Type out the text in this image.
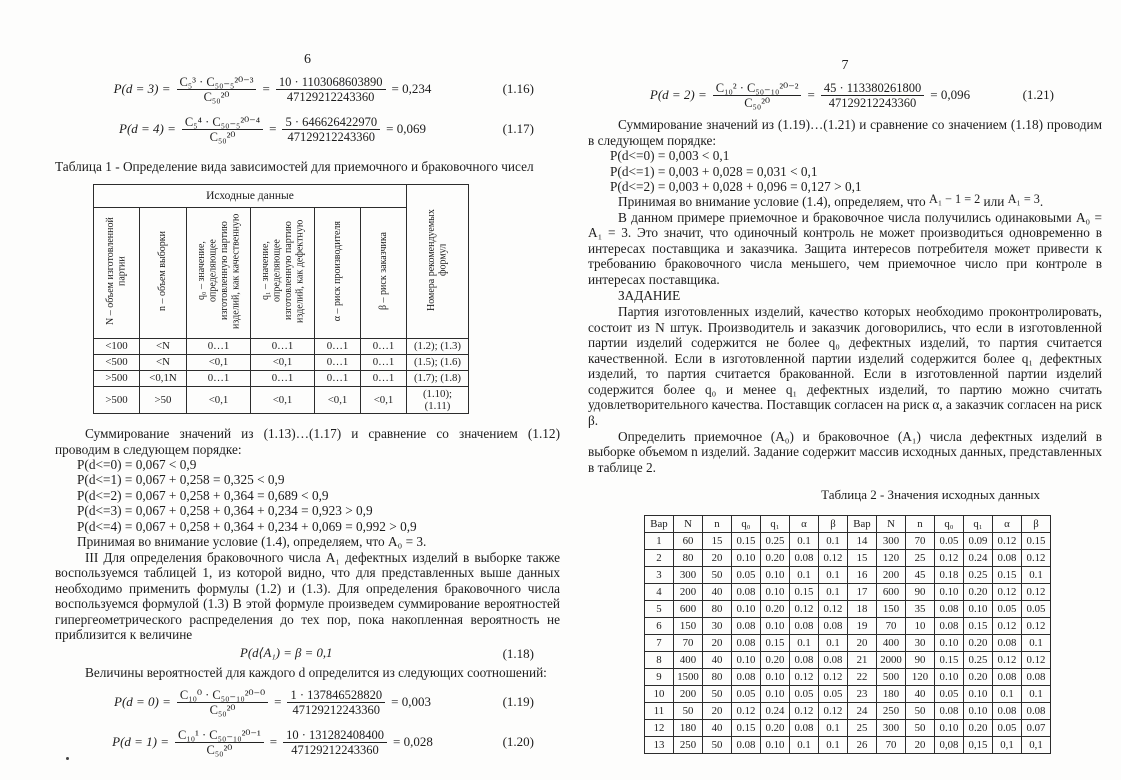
6
$P(d = 3) = \frac{\text{C₅³ · C₅₀₋₅²⁰⁻³}}{\text{C₅₀²⁰}} = \frac{10 \cdot 1103068603890}{47129212243360} = 0,234$	(1.16)
$P(d = 4) = \frac{\text{C₅⁴ · C₅₀₋₅²⁰⁻⁴}}{\text{C₅₀²⁰}} = \frac{5 \cdot 646626422970}{47129212243360} = 0,069$	(1.17)
Таблица 1 - Определение вида зависимостей для приемочного и браковочного чисел
Исходные данные						Номера рекомендуемых формул
N – объем изготовленной партии	n – объем выборки	q₀ – значение, определяющее изготовленную партию изделий, как качественную	q₁ – значение, определяющее изготовленную партию изделий, как дефектную	α – риск производителя	β – риск заказчика	
<100	<N	0…1	0…1	0…1	0…1	(1.2); (1.3)
<500	<N	<0,1	<0,1	0…1	0…1	(1.5); (1.6)
>500	<0,1N	0…1	0…1	0…1	0…1	(1.7); (1.8)
>500	>50	<0,1	<0,1	<0,1	<0,1	(1.10); (1.11)

Суммирование значений из (1.13)…(1.17) и сравнение со значением (1.12) проводим в следующем порядке:

P(d<=0) = 0,067 < 0,9
P(d<=1) = 0,067 + 0,258 = 0,325 < 0,9
P(d<=2) = 0,067 + 0,258 + 0,364 = 0,689 < 0,9
P(d<=3) = 0,067 + 0,258 + 0,364 + 0,234 = 0,923 > 0,9
P(d<=4) = 0,067 + 0,258 + 0,364 + 0,234 + 0,069 = 0,992 > 0,9
Принимая во внимание условие (1.4), определяем, что А₀ = 3.

III Для определения браковочного числа А₁ дефектных изделий в выборке также воспользуемся таблицей 1, из которой видно, что для представленных выше данных необходимо применить формулы (1.2) и (1.3). Для определения браковочного числа воспользуемся формулой (1.3) В этой формуле произведем суммирование вероятностей гипергеометрического распределения до тех пор, пока накопленная вероятность не приблизится к величине

P(d⟨A₁) = β = 0,1	(1.18)

Величины вероятностей для каждого d определится из следующих соотношений:

$P(d = 0) = \frac{\text{C₁₀⁰ · C₅₀₋₁₀²⁰⁻⁰}}{\text{C₅₀²⁰}} = \frac{1 \cdot 137846528820}{47129212243360} = 0,003$	(1.19)
$P(d = 1) = \frac{\text{C₁₀¹ · C₅₀₋₁₀²⁰⁻¹}}{\text{C₅₀²⁰}} = \frac{10 \cdot 131282408400}{47129212243360} = 0,028$	(1.20)
7
$P(d = 2) = \frac{\text{C₁₀² · C₅₀₋₁₀²⁰⁻²}}{\text{C₅₀²⁰}} = \frac{45 \cdot 113380261800}{47129212243360} = 0,096$	(1.21)

Суммирование значений из (1.19)…(1.21) и сравнение со значением (1.18) проводим в следующем порядке:

P(d<=0) = 0,003 < 0,1
P(d<=1) = 0,003 + 0,028 = 0,031 < 0,1
P(d<=2) = 0,003 + 0,028 + 0,096 = 0,127 > 0,1
Принимая во внимание условие (1.4), определяем, что А₁ − 1 = 2 или А₁ = 3.

В данном примере приемочное и браковочное числа получились одинаковыми А₀ = А₁ = 3. Это значит, что одиночный контроль не может производиться одновременно в интересах поставщика и заказчика. Защита интересов потребителя может привести к требованию браковочного числа меньшего, чем приемочное число при контроле в интересах поставщика.

ЗАДАНИЕ

Партия изготовленных изделий, качество которых необходимо проконтролировать, состоит из N штук. Производитель и заказчик договорились, что если в изготовленной партии изделий содержится не более q₀ дефектных изделий, то партия считается качественной. Если в изготовленной партии изделий содержится более q₁ дефектных изделий, то партия считается бракованной. Если в изготовленной партии изделий содержится более q₀ и менее q₁ дефектных изделий, то партию можно считать удовлетворительного качества. Поставщик согласен на риск α, а заказчик согласен на риск β.

Определить приемочное (А₀) и браковочное (А₁) числа дефектных изделий в выборке объемом n изделий. Задание содержит массив исходных данных, представленных в таблице 2.

Таблица 2 - Значения исходных данных
Вар	N	n	q₀	q₁	α	β	Вар	N	n	q₀	q₁	α	β
1	60	15	0.15	0.25	0.1	0.1	14	300	70	0.05	0.09	0.12	0.15
2	80	20	0.10	0.20	0.08	0.12	15	120	25	0.12	0.24	0.08	0.12
3	300	50	0.05	0.10	0.1	0.1	16	200	45	0.18	0.25	0.15	0.1
4	200	40	0.08	0.10	0.15	0.1	17	600	90	0.10	0.20	0.12	0.12
5	600	80	0.10	0.20	0.12	0.12	18	150	35	0.08	0.10	0.05	0.05
6	150	30	0.08	0.10	0.08	0.08	19	70	10	0.08	0.15	0.12	0.12
7	70	20	0.08	0.15	0.1	0.1	20	400	30	0.10	0.20	0.08	0.1
8	400	40	0.10	0.20	0.08	0.08	21	2000	90	0.15	0.25	0.12	0.12
9	1500	80	0.08	0.10	0.12	0.12	22	500	120	0.10	0.20	0.08	0.08
10	200	50	0.05	0.10	0.05	0.05	23	180	40	0.05	0.10	0.1	0.1
11	50	20	0.12	0.24	0.12	0.12	24	250	50	0.08	0.10	0.08	0.08
12	180	40	0.15	0.20	0.08	0.1	25	300	50	0.10	0.20	0.05	0.07
13	250	50	0.08	0.10	0.1	0.1	26	70	20	0,08	0,15	0,1	0,1
